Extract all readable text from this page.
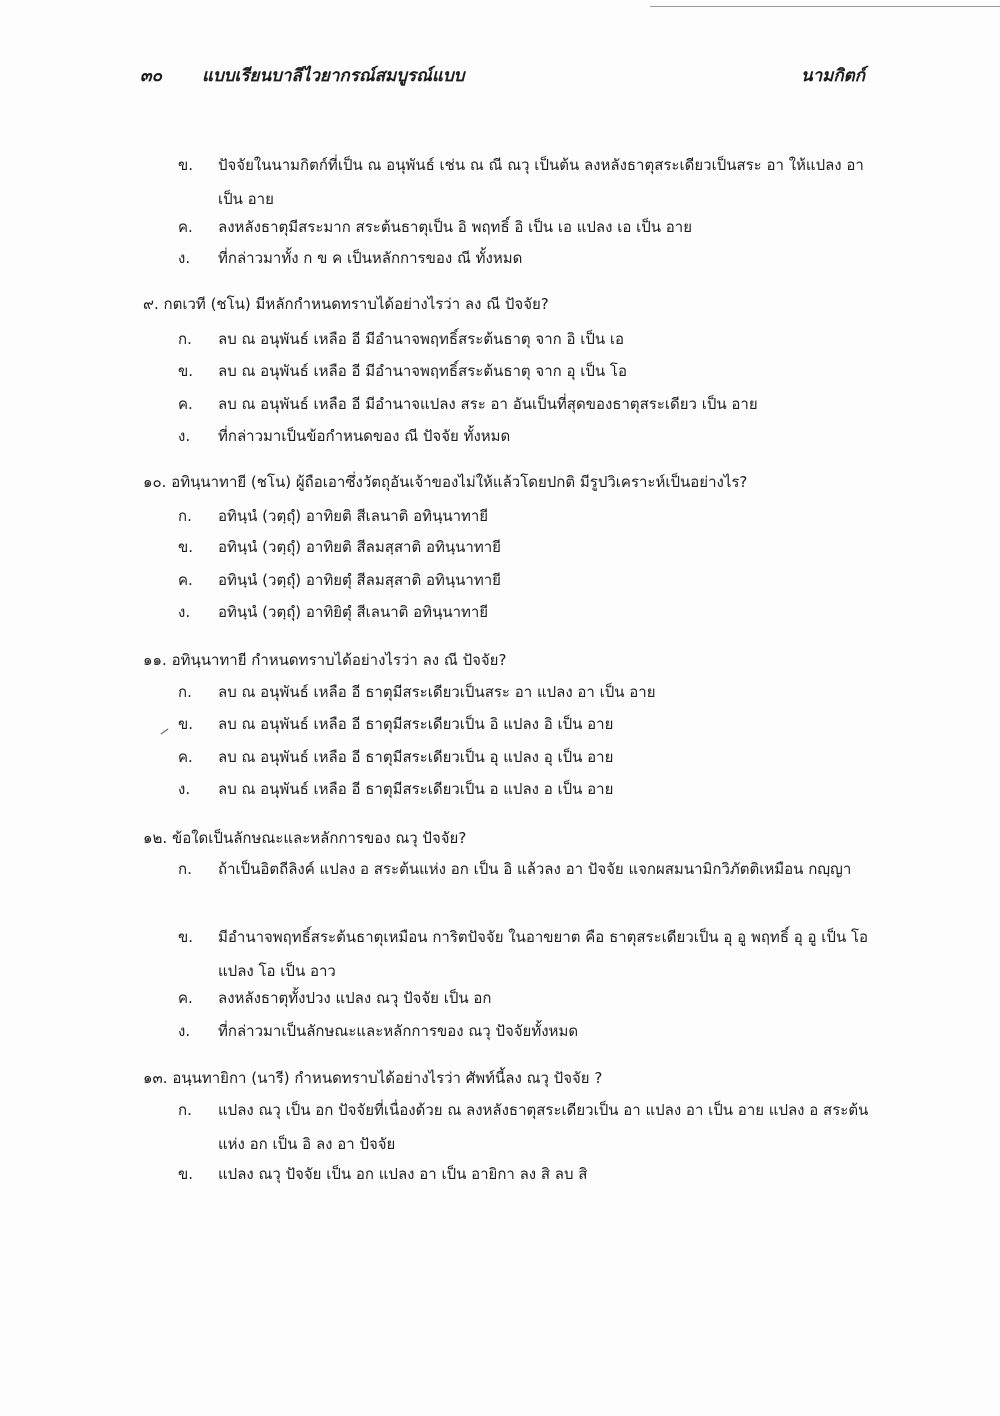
๓๐ แบบเรียนบาลีไวยากรณ์สมบูรณ์แบบ	นามกิตก์
ข.	ปัจจัยในนามกิตก์ที่เป็น ณ อนุพันธ์ เช่น ณ ณี ณวุ เป็นต้น ลงหลังธาตุสระเดียวเป็นสระ อา ให้แปลง อา เป็น อาย
ค.	ลงหลังธาตุมีสระมาก สระต้นธาตุเป็น อิ พฤทธิ์ อิ เป็น เอ แปลง เอ เป็น อาย
ง.	ที่กล่าวมาทั้ง ก ข ค เป็นหลักการของ ณี ทั้งหมด
๙. กตเวที (ชโน) มีหลักกำหนดทราบได้อย่างไรว่า ลง ณี ปัจจัย?
ก.	ลบ ณ อนุพันธ์ เหลือ อี มีอำนาจพฤทธิ์สระต้นธาตุ จาก อิ เป็น เอ
ข.	ลบ ณ อนุพันธ์ เหลือ อี มีอำนาจพฤทธิ์สระต้นธาตุ จาก อุ เป็น โอ
ค.	ลบ ณ อนุพันธ์ เหลือ อี มีอำนาจแปลง สระ อา อันเป็นที่สุดของธาตุสระเดียว เป็น อาย
ง.	ที่กล่าวมาเป็นข้อกำหนดของ ณี ปัจจัย ทั้งหมด
๑๐. อทินฺนาทายี (ชโน) ผู้ถือเอาซึ่งวัตถุอันเจ้าของไม่ให้แล้วโดยปกติ มีรูปวิเคราะห์เป็นอย่างไร?
ก.	อทินฺนํ (วตฺถุํ) อาทิยติ สีเลนาติ อทินฺนาทายี
ข.	อทินฺนํ (วตฺถุํ) อาทิยติ สีลมสฺสาติ อทินฺนาทายี
ค.	อทินฺนํ (วตฺถุํ) อาทิยตุํ สีลมสฺสาติ อทินฺนาทายี
ง.	อทินฺนํ (วตฺถุํ) อาทิยิตุํ สีเลนาติ อทินฺนาทายี
๑๑. อทินฺนาทายี กำหนดทราบได้อย่างไรว่า ลง ณี ปัจจัย?
ก.	ลบ ณ อนุพันธ์ เหลือ อี ธาตุมีสระเดียวเป็นสระ อา แปลง อา เป็น อาย
ข.	ลบ ณ อนุพันธ์ เหลือ อี ธาตุมีสระเดียวเป็น อิ แปลง อิ เป็น อาย
ค.	ลบ ณ อนุพันธ์ เหลือ อี ธาตุมีสระเดียวเป็น อุ แปลง อุ เป็น อาย
ง.	ลบ ณ อนุพันธ์ เหลือ อี ธาตุมีสระเดียวเป็น อ แปลง อ เป็น อาย
๑๒. ข้อใดเป็นลักษณะและหลักการของ ณวุ ปัจจัย?
ก.	ถ้าเป็นอิตถีลิงค์ แปลง อ สระต้นแห่ง อก เป็น อิ แล้วลง อา ปัจจัย แจกผสมนามิกวิภัตติเหมือน กญฺญา
ข.	มีอำนาจพฤทธิ์สระต้นธาตุเหมือน การิตปัจจัย ในอาขยาต คือ ธาตุสระเดียวเป็น อุ อู พฤทธิ์ อุ อู เป็น โอ แปลง โอ เป็น อาว
ค.	ลงหลังธาตุทั้งปวง แปลง ณวุ ปัจจัย เป็น อก
ง.	ที่กล่าวมาเป็นลักษณะและหลักการของ ณวุ ปัจจัยทั้งหมด
๑๓. อนฺนทายิกา (นารี) กำหนดทราบได้อย่างไรว่า ศัพท์นี้ลง ณวุ ปัจจัย ?
ก.	แปลง ณวุ เป็น อก ปัจจัยที่เนื่องด้วย ณ ลงหลังธาตุสระเดียวเป็น อา แปลง อา เป็น อาย แปลง อ สระต้นแห่ง อก เป็น อิ ลง อา ปัจจัย
ข.	แปลง ณวุ ปัจจัย เป็น อก แปลง อา เป็น อายิกา ลง สิ ลบ สิ
